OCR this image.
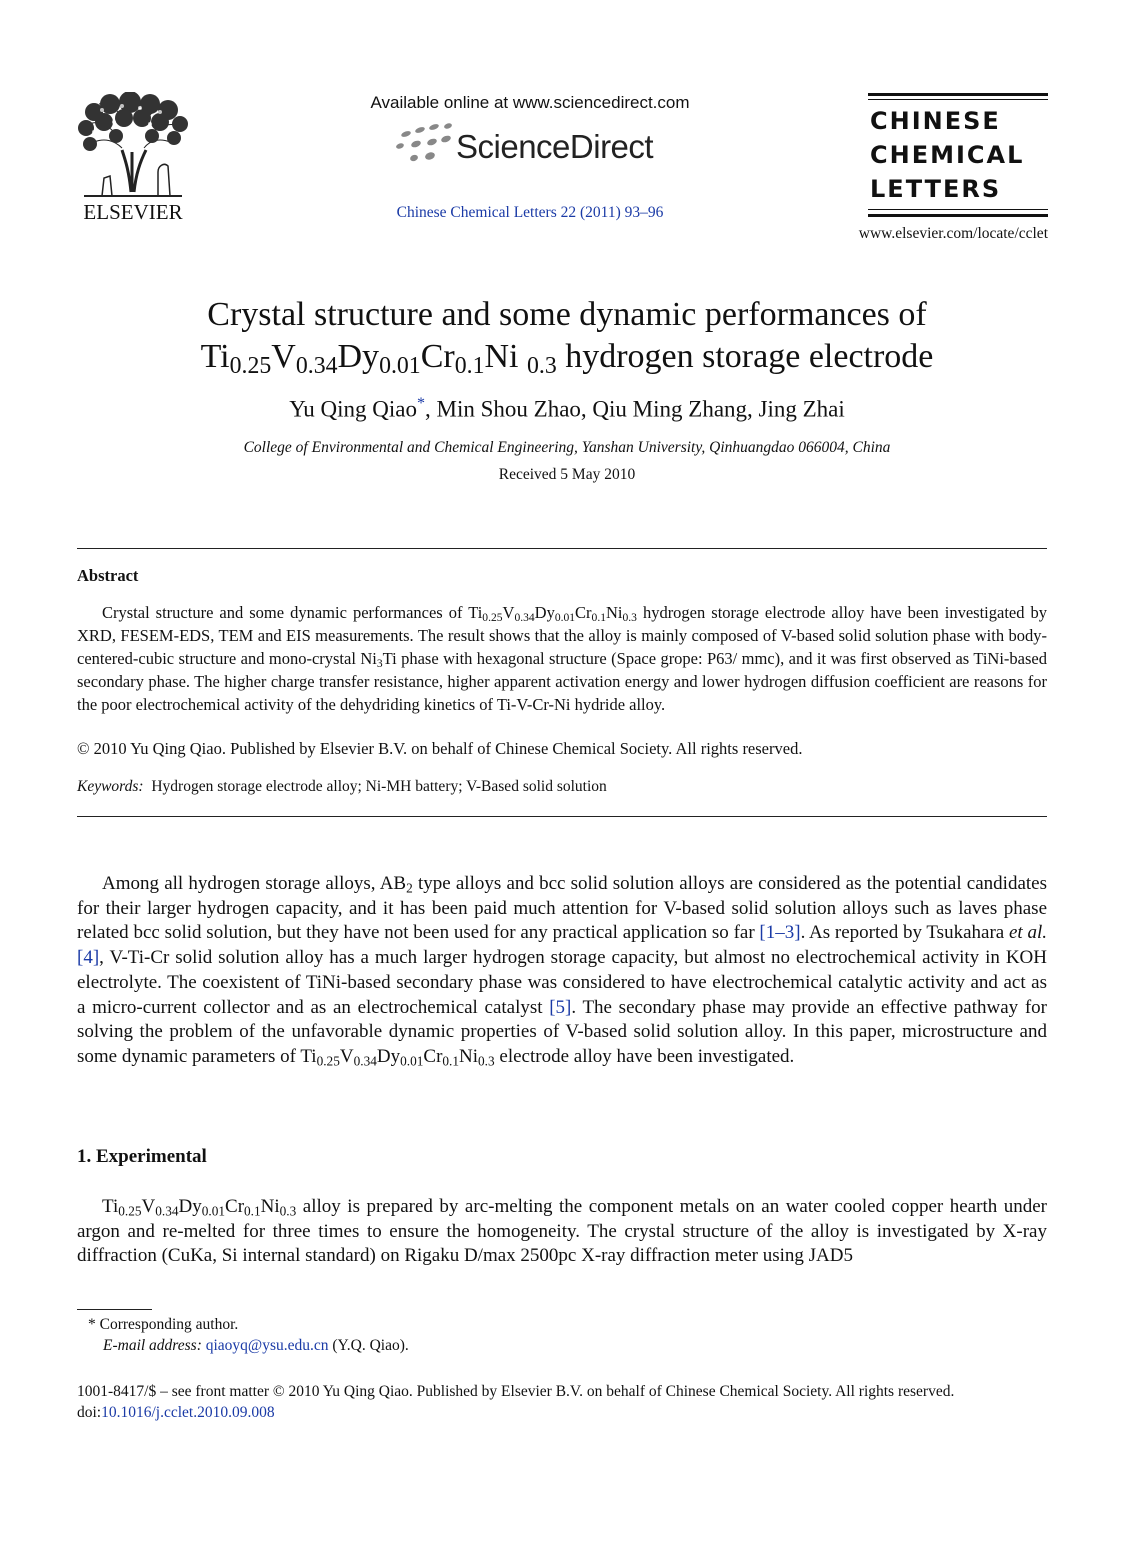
ELSEVIER
Available online at www.sciencedirect.com
ScienceDirect
Chinese Chemical Letters 22 (2011) 93–96
CHINESE
CHEMICAL
LETTERS
www.elsevier.com/locate/cclet
Crystal structure and some dynamic performances of
$Ti_{0.25}V_{0.34}Dy_{0.01}Cr_{0.1}Ni$ $_{0.3}$ hydrogen storage electrode
Yu Qing Qiao*, Min Shou Zhao, Qiu Ming Zhang, Jing Zhai
College of Environmental and Chemical Engineering, Yanshan University, Qinhuangdao 066004, China
Received 5 May 2010
Abstract

Crystal structure and some dynamic performances of $Ti_{0.25}V_{0.34}Dy_{0.01}Cr_{0.1}Ni_{0.3}$ hydrogen storage electrode alloy have been investigated by XRD, FESEM-EDS, TEM and EIS measurements. The result shows that the alloy is mainly composed of V-based solid solution phase with body-centered-cubic structure and mono-crystal $Ni_3Ti$ phase with hexagonal structure (Space grope: P63/ mmc), and it was first observed as TiNi-based secondary phase. The higher charge transfer resistance, higher apparent activation energy and lower hydrogen diffusion coefficient are reasons for the poor electrochemical activity of the dehydriding kinetics of Ti-V-Cr-Ni hydride alloy.

© 2010 Yu Qing Qiao. Published by Elsevier B.V. on behalf of Chinese Chemical Society. All rights reserved.
Keywords: Hydrogen storage electrode alloy; Ni-MH battery; V-Based solid solution

Among all hydrogen storage alloys, $AB_2$ type alloys and bcc solid solution alloys are considered as the potential candidates for their larger hydrogen capacity, and it has been paid much attention for V-based solid solution alloys such as laves phase related bcc solid solution, but they have not been used for any practical application so far [1–3]. As reported by Tsukahara et al. [4], V-Ti-Cr solid solution alloy has a much larger hydrogen storage capacity, but almost no electrochemical activity in KOH electrolyte. The coexistent of TiNi-based secondary phase was considered to have electrochemical catalytic activity and act as a micro-current collector and as an electrochemical catalyst [5]. The secondary phase may provide an effective pathway for solving the problem of the unfavorable dynamic properties of V-based solid solution alloy. In this paper, microstructure and some dynamic parameters of $Ti_{0.25}V_{0.34}Dy_{0.01}Cr_{0.1}Ni_{0.3}$ electrode alloy have been investigated.

1. Experimental

$Ti_{0.25}V_{0.34}Dy_{0.01}Cr_{0.1}Ni_{0.3}$ alloy is prepared by arc-melting the component metals on an water cooled copper hearth under argon and re-melted for three times to ensure the homogeneity. The crystal structure of the alloy is investigated by X-ray diffraction (CuKa, Si internal standard) on Rigaku D/max 2500pc X-ray diffraction meter using JAD5

* Corresponding author.
E-mail address: qiaoyq@ysu.edu.cn (Y.Q. Qiao).
1001-8417/$ – see front matter © 2010 Yu Qing Qiao. Published by Elsevier B.V. on behalf of Chinese Chemical Society. All rights reserved.
doi:10.1016/j.cclet.2010.09.008
